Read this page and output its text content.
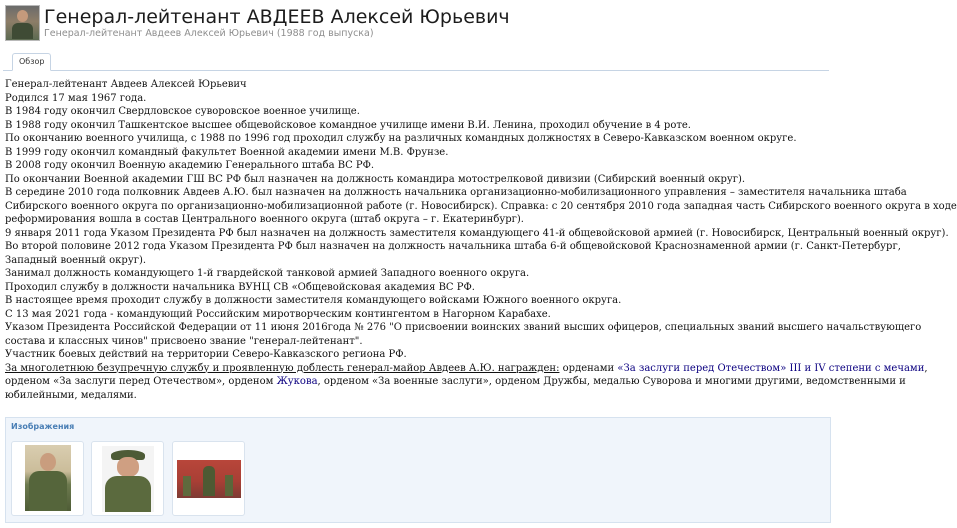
Генерал-лейтенант АВДЕЕВ Алексей Юрьевич
Генерал-лейтенант Авдеев Алексей Юрьевич (1988 год выпуска)
Обзор

Генерал-лейтенант Авдеев Алексей Юрьевич

Родился 17 мая 1967 года.

В 1984 году окончил Свердловское суворовское военное училище.

В 1988 году окончил Ташкентское высшее общевойсковое командное училище имени В.И. Ленина, проходил обучение в 4 роте.

По окончанию военного училища, с 1988 по 1996 год проходил службу на различных командных должностях в Северо-Кавказском военном округе.

В 1999 году окончил командный факультет Военной академии имени М.В. Фрунзе.

В 2008 году окончил Военную академию Генерального штаба ВС РФ.

По окончании Военной академии ГШ ВС РФ был назначен на должность командира мотострелковой дивизии (Сибирский военный округ).

В середине 2010 года полковник Авдеев А.Ю. был назначен на должность начальника организационно-мобилизационного управления – заместителя начальника штаба

Сибирского военного округа по организационно-мобилизационной работе (г. Новосибирск). Справка: с 20 сентября 2010 года западная часть Сибирского военного округа в ходе

реформирования вошла в состав Центрального военного округа (штаб округа – г. Екатеринбург).

9 января 2011 года Указом Президента РФ был назначен на должность заместителя командующего 41-й общевойсковой армией (г. Новосибирск, Центральный военный округ).

Во второй половине 2012 года Указом Президента РФ был назначен на должность начальника штаба 6-й общевойсковой Краснознаменной армии (г. Санкт-Петербург,

Западный военный округ).

Занимал должность командующего 1-й гвардейской танковой армией Западного военного округа.

Проходил службу в должности начальника ВУНЦ СВ «Общевойсковая академия ВС РФ.

В настоящее время проходит службу в должности заместителя командующего войсками Южного военного округа.

С 13 мая 2021 года - командующий Российским миротворческим контингентом в Нагорном Карабахе.

Указом Президента Российской Федерации от 11 июня 2016года № 276 "О присвоении воинских званий высших офицеров, специальных званий высшего начальствующего

состава и классных чинов" присвоено звание "генерал-лейтенант".

Участник боевых действий на территории Северо-Кавказского региона РФ.

За многолетнюю безупречную службу и проявленную доблесть генерал-майор Авдеев А.Ю. награжден: орденами «За заслуги перед Отечеством» III и IV степени с мечами,

орденом «За заслуги перед Отечеством», орденом Жукова, орденом «За военные заслуги», орденом Дружбы, медалью Суворова и многими другими, ведомственными и

юбилейными, медалями.

Изображения
